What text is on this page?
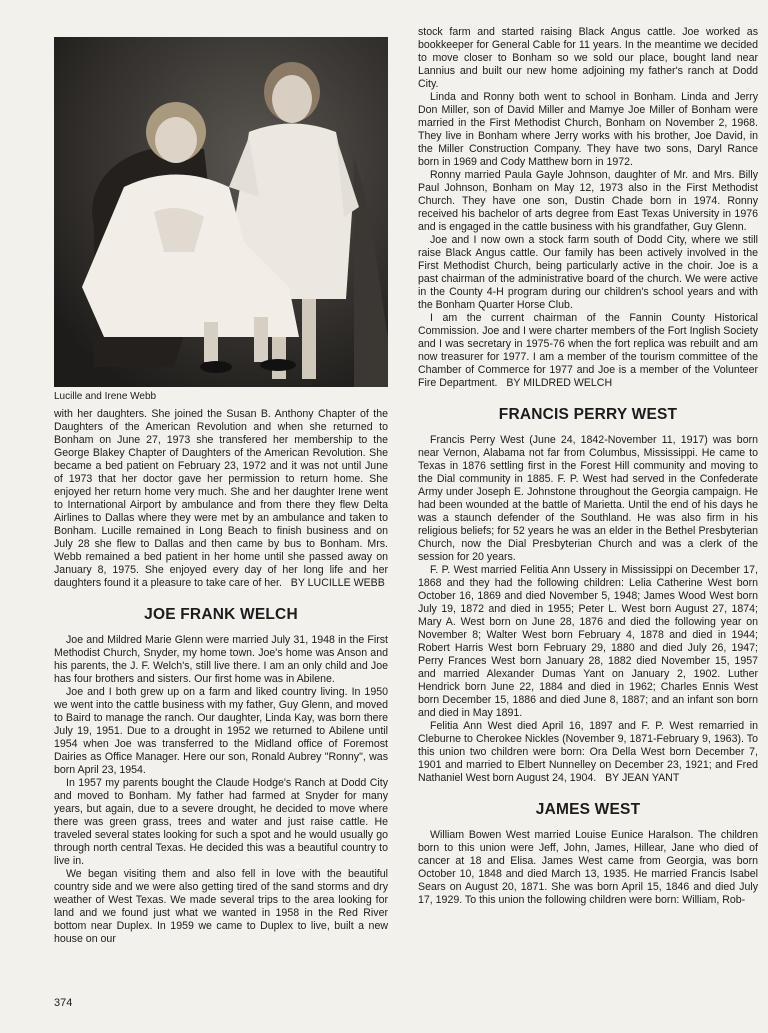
Lucille and Irene Webb

with her daughters. She joined the Susan B. Anthony Chapter of the Daughters of the American Revolution and when she returned to Bonham on June 27, 1973 she transfered her membership to the George Blakey Chapter of Daughters of the American Revolution. She became a bed patient on February 23, 1972 and it was not until June of 1973 that her doctor gave her permission to return home. She enjoyed her return home very much. She and her daughter Irene went to International Airport by ambulance and from there they flew Delta Airlines to Dallas where they were met by an ambulance and taken to Bonham. Lucille remained in Long Beach to finish business and on July 28 she flew to Dallas and then came by bus to Bonham. Mrs. Webb remained a bed patient in her home until she passed away on January 8, 1975. She enjoyed every day of her long life and her daughters found it a pleasure to take care of her. BY LUCILLE WEBB

JOE FRANK WELCH

Joe and Mildred Marie Glenn were married July 31, 1948 in the First Methodist Church, Snyder, my home town. Joe's home was Anson and his parents, the J. F. Welch's, still live there. I am an only child and Joe has four brothers and sisters. Our first home was in Abilene.

Joe and I both grew up on a farm and liked country living. In 1950 we went into the cattle business with my father, Guy Glenn, and moved to Baird to manage the ranch. Our daughter, Linda Kay, was born there July 19, 1951. Due to a drought in 1952 we returned to Abilene until 1954 when Joe was transferred to the Midland office of Foremost Dairies as Office Manager. Here our son, Ronald Aubrey "Ronny", was born April 23, 1954.

In 1957 my parents bought the Claude Hodge's Ranch at Dodd City and moved to Bonham. My father had farmed at Snyder for many years, but again, due to a severe drought, he decided to move where there was green grass, trees and water and just raise cattle. He traveled several states looking for such a spot and he would usually go through north central Texas. He decided this was a beautiful country to live in.

We began visiting them and also fell in love with the beautiful country side and we were also getting tired of the sand storms and dry weather of West Texas. We made several trips to the area looking for land and we found just what we wanted in 1958 in the Red River bottom near Duplex. In 1959 we came to Duplex to live, built a new house on our

stock farm and started raising Black Angus cattle. Joe worked as bookkeeper for General Cable for 11 years. In the meantime we decided to move closer to Bonham so we sold our place, bought land near Lannius and built our new home adjoining my father's ranch at Dodd City.

Linda and Ronny both went to school in Bonham. Linda and Jerry Don Miller, son of David Miller and Mamye Joe Miller of Bonham were married in the First Methodist Church, Bonham on November 2, 1968. They live in Bonham where Jerry works with his brother, Joe David, in the Miller Construction Company. They have two sons, Daryl Rance born in 1969 and Cody Matthew born in 1972.

Ronny married Paula Gayle Johnson, daughter of Mr. and Mrs. Billy Paul Johnson, Bonham on May 12, 1973 also in the First Methodist Church. They have one son, Dustin Chade born in 1974. Ronny received his bachelor of arts degree from East Texas University in 1976 and is engaged in the cattle business with his grandfather, Guy Glenn.

Joe and I now own a stock farm south of Dodd City, where we still raise Black Angus cattle. Our family has been actively involved in the First Methodist Church, being particularly active in the choir. Joe is a past chairman of the administrative board of the church. We were active in the County 4-H program during our children's school years and with the Bonham Quarter Horse Club.

I am the current chairman of the Fannin County Historical Commission. Joe and I were charter members of the Fort Inglish Society and I was secretary in 1975-76 when the fort replica was rebuilt and am now treasurer for 1977. I am a member of the tourism committee of the Chamber of Commerce for 1977 and Joe is a member of the Volunteer Fire Department. BY MILDRED WELCH

FRANCIS PERRY WEST

Francis Perry West (June 24, 1842-November 11, 1917) was born near Vernon, Alabama not far from Columbus, Mississippi. He came to Texas in 1876 settling first in the Forest Hill community and moving to the Dial community in 1885. F. P. West had served in the Confederate Army under Joseph E. Johnstone throughout the Georgia campaign. He had been wounded at the battle of Marietta. Until the end of his days he was a staunch defender of the Southland. He was also firm in his religious beliefs; for 52 years he was an elder in the Bethel Presbyterian Church, now the Dial Presbyterian Church and was a clerk of the session for 20 years.

F. P. West married Felitia Ann Ussery in Mississippi on December 17, 1868 and they had the following children: Lelia Catherine West born October 16, 1869 and died November 5, 1948; James Wood West born July 19, 1872 and died in 1955; Peter L. West born August 27, 1874; Mary A. West born on June 28, 1876 and died the following year on November 8; Walter West born February 4, 1878 and died in 1944; Robert Harris West born February 29, 1880 and died July 26, 1947; Perry Frances West born January 28, 1882 died November 15, 1957 and married Alexander Dumas Yant on January 2, 1902. Luther Hendrick born June 22, 1884 and died in 1962; Charles Ennis West born December 15, 1886 and died June 8, 1887; and an infant son born and died in May 1891.

Felitia Ann West died April 16, 1897 and F. P. West remarried in Cleburne to Cherokee Nickles (November 9, 1871-February 9, 1963). To this union two children were born: Ora Della West born December 7, 1901 and married to Elbert Nunnelley on December 23, 1921; and Fred Nathaniel West born August 24, 1904. BY JEAN YANT

JAMES WEST

William Bowen West married Louise Eunice Haralson. The children born to this union were Jeff, John, James, Hillear, Jane who died of cancer at 18 and Elisa. James West came from Georgia, was born October 10, 1848 and died March 13, 1935. He married Francis Isabel Sears on August 20, 1871. She was born April 15, 1846 and died July 17, 1929. To this union the following children were born: William, Rob-

374
